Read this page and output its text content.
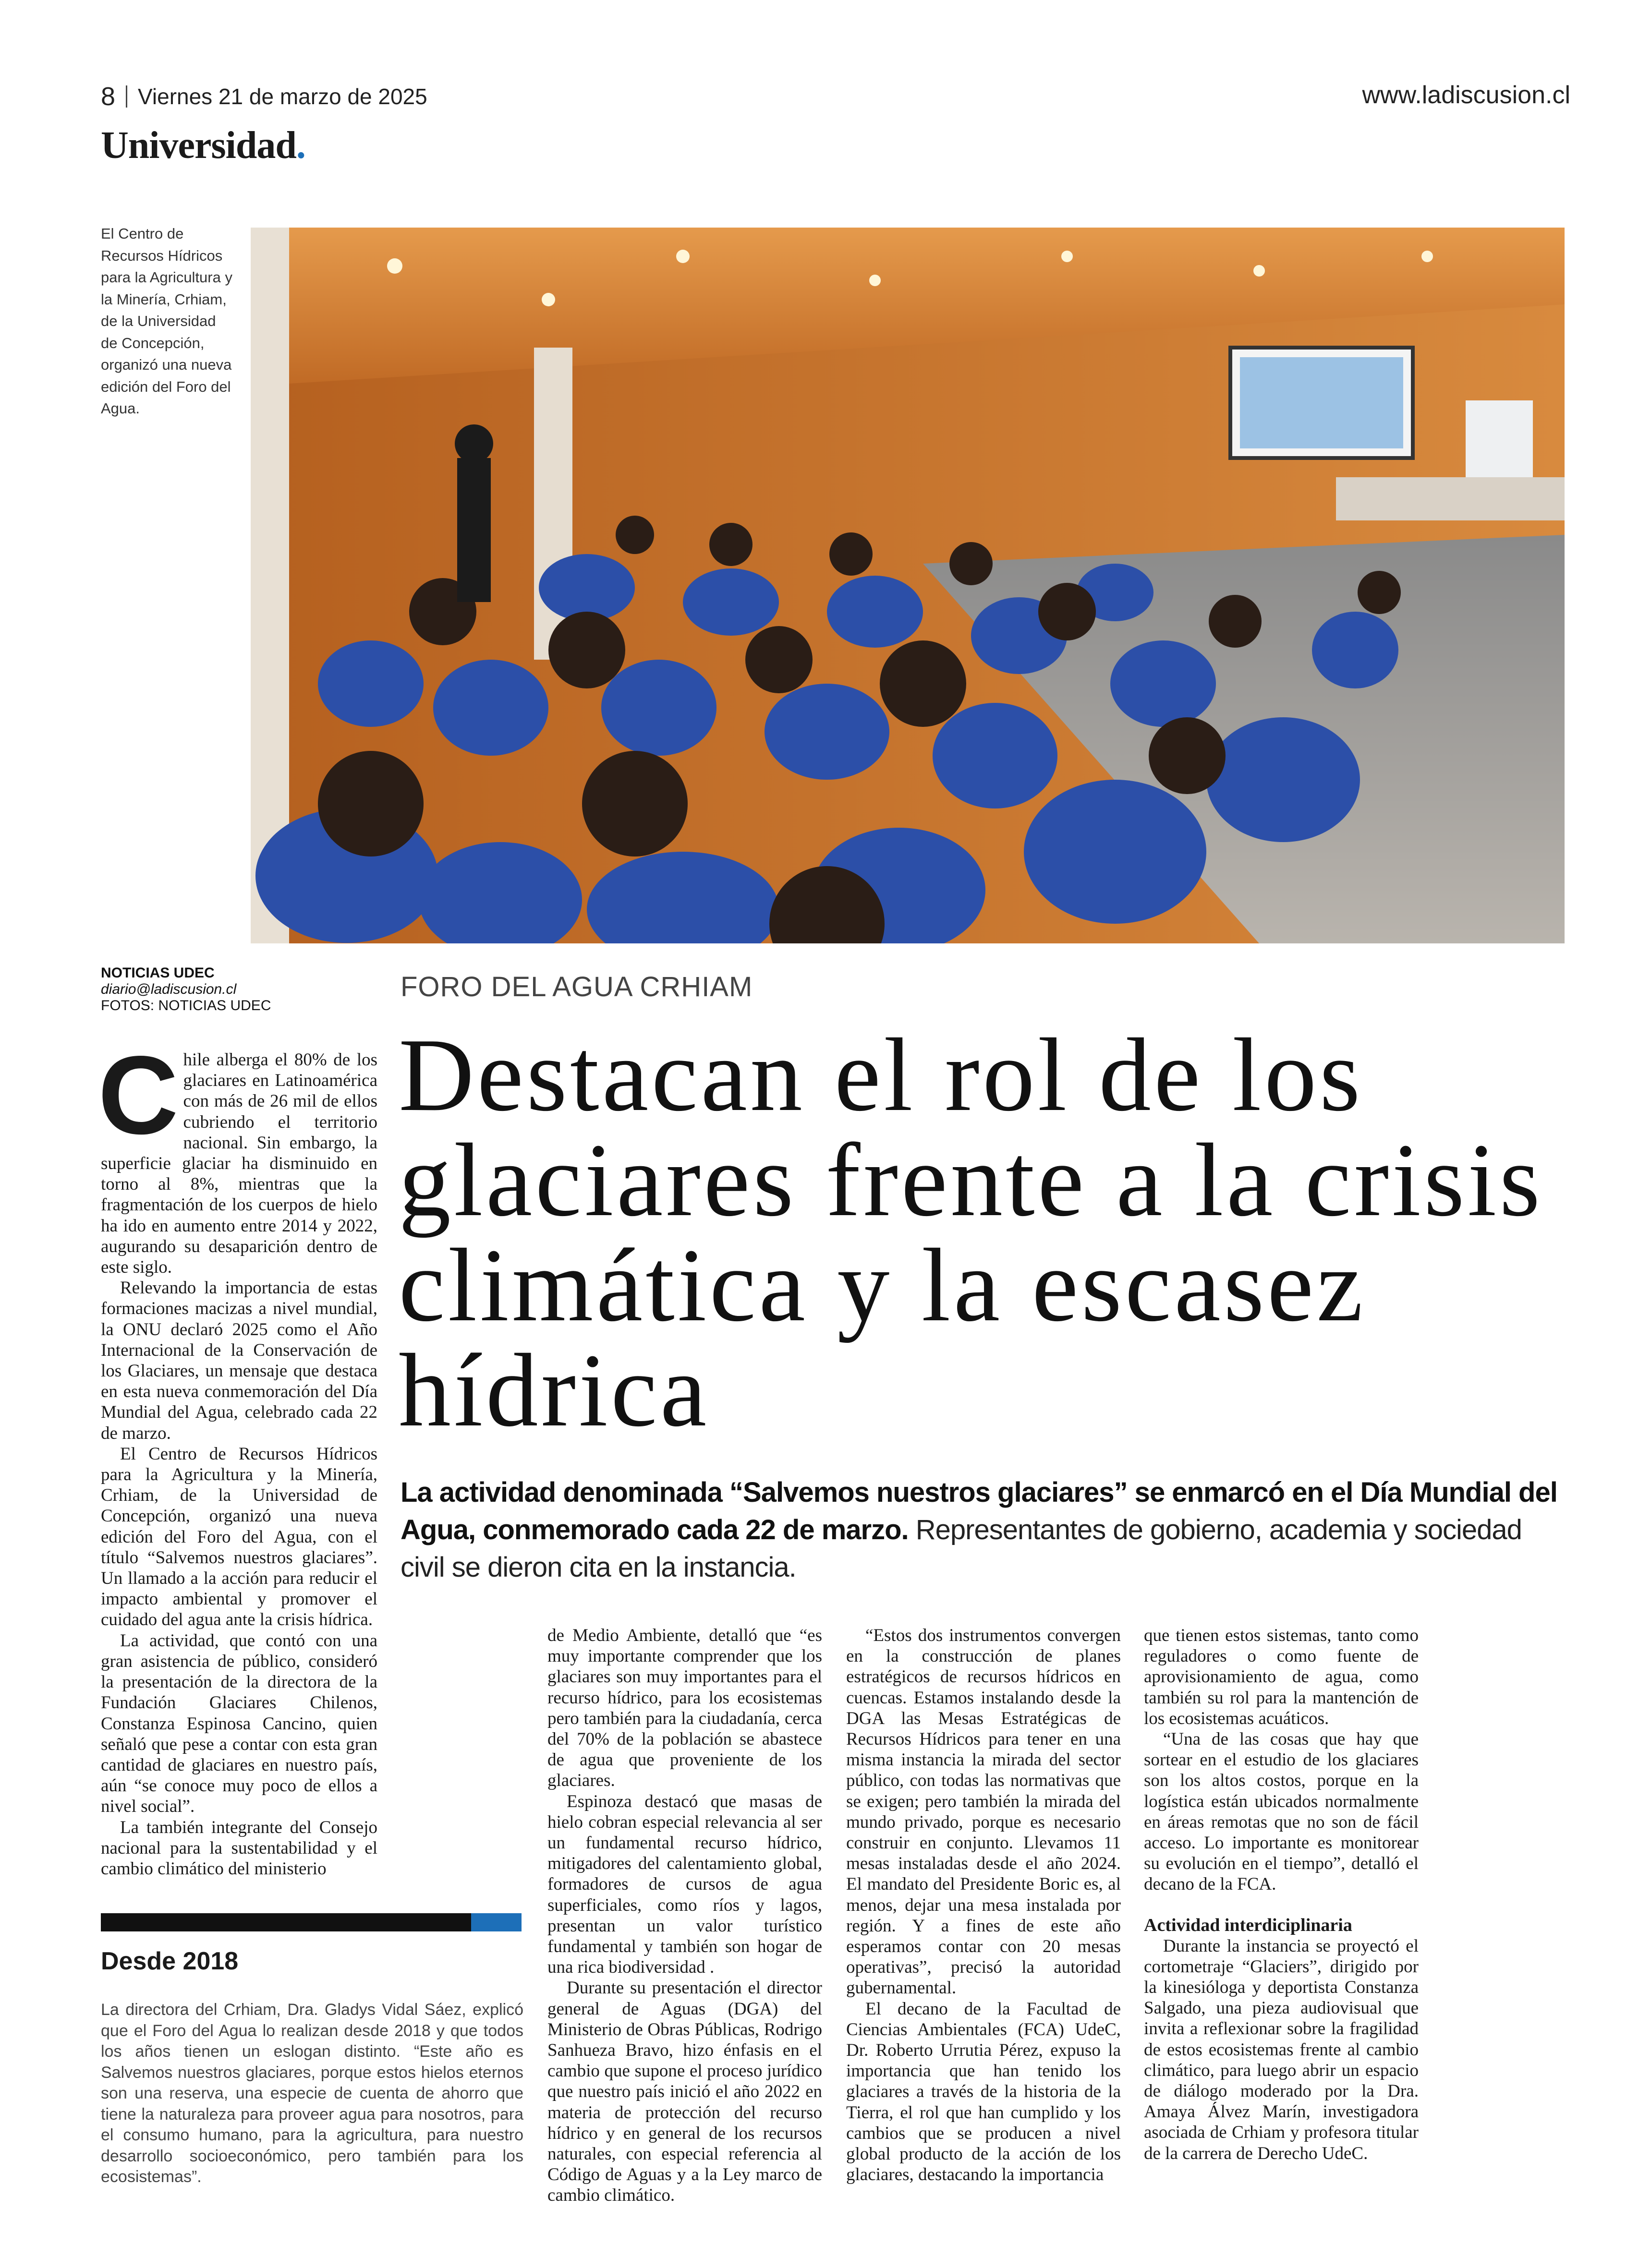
8 Viernes 21 de marzo de 2025	www.ladiscusion.cl
Universidad.
El Centro de Recursos Hídricos para la Agricultura y la Minería, Crhiam, de la Universidad de Concepción, organizó una nueva edición del Foro del Agua.
NOTICIAS UDEC
diario@ladiscusion.cl
FOTOS: NOTICIAS UDEC
FORO DEL AGUA CRHIAM
Destacan el rol de los glaciares frente a la crisis climática y la escasez hídrica
La actividad denominada “Salvemos nuestros glaciares” se enmarcó en el Día Mundial del Agua, conmemorado cada 22 de marzo. Representantes de gobierno, academia y sociedad civil se dieron cita en la instancia.
C hile alberga el 80% de los glaciares en Latinoamérica con más de 26 mil de ellos cubriendo el territorio nacional. Sin embargo, la superficie glaciar ha disminuido en torno al 8%, mientras que la fragmentación de los cuerpos de hielo ha ido en aumento entre 2014 y 2022, augurando su desaparición dentro de este siglo.

Relevando la importancia de estas formaciones macizas a nivel mundial, la ONU declaró 2025 como el Año Internacional de la Conservación de los Glaciares, un mensaje que destaca en esta nueva conmemoración del Día Mundial del Agua, celebrado cada 22 de marzo.

El Centro de Recursos Hídricos para la Agricultura y la Minería, Crhiam, de la Universidad de Concepción, organizó una nueva edición del Foro del Agua, con el título “Salvemos nuestros glaciares”. Un llamado a la acción para reducir el impacto ambiental y promover el cuidado del agua ante la crisis hídrica.

La actividad, que contó con una gran asistencia de público, consideró la presentación de la directora de la Fundación Glaciares Chilenos, Constanza Espinosa Cancino, quien señaló que pese a contar con esta gran cantidad de glaciares en nuestro país, aún “se conoce muy poco de ellos a nivel social”.

La también integrante del Consejo nacional para la sustentabilidad y el cambio climático del ministerio

de Medio Ambiente, detalló que “es muy importante comprender que los glaciares son muy importantes para el recurso hídrico, para los ecosistemas pero también para la ciudadanía, cerca del 70% de la población se abastece de agua que proveniente de los glaciares.

Espinoza destacó que masas de hielo cobran especial relevancia al ser un fundamental recurso hídrico, mitigadores del calentamiento global, formadores de cursos de agua superficiales, como ríos y lagos, presentan un valor turístico fundamental y también son hogar de una rica biodiversidad .

Durante su presentación el director general de Aguas (DGA) del Ministerio de Obras Públicas, Rodrigo Sanhueza Bravo, hizo énfasis en el cambio que supone el proceso jurídico que nuestro país inició el año 2022 en materia de protección del recurso hídrico y en general de los recursos naturales, con especial referencia al Código de Aguas y a la Ley marco de cambio climático.

“Estos dos instrumentos convergen en la construcción de planes estratégicos de recursos hídricos en cuencas. Estamos instalando desde la DGA las Mesas Estratégicas de Recursos Hídricos para tener en una misma instancia la mirada del sector público, con todas las normativas que se exigen; pero también la mirada del mundo privado, porque es necesario construir en conjunto. Llevamos 11 mesas instaladas desde el año 2024. El mandato del Presidente Boric es, al menos, dejar una mesa instalada por región. Y a fines de este año esperamos contar con 20 mesas operativas”, precisó la autoridad gubernamental.

El decano de la Facultad de Ciencias Ambientales (FCA) UdeC, Dr. Roberto Urrutia Pérez, expuso la importancia que han tenido los glaciares a través de la historia de la Tierra, el rol que han cumplido y los cambios que se producen a nivel global producto de la acción de los glaciares, destacando la importancia

que tienen estos sistemas, tanto como reguladores o como fuente de aprovisionamiento de agua, como también su rol para la mantención de los ecosistemas acuáticos.

“Una de las cosas que hay que sortear en el estudio de los glaciares son los altos costos, porque en la logística están ubicados normalmente en áreas remotas que no son de fácil acceso. Lo importante es monitorear su evolución en el tiempo”, detalló el decano de la FCA.

Actividad interdiciplinaria

Durante la instancia se proyectó el cortometraje “Glaciers”, dirigido por la kinesióloga y deportista Constanza Salgado, una pieza audiovisual que invita a reflexionar sobre la fragilidad de estos ecosistemas frente al cambio climático, para luego abrir un espacio de diálogo moderado por la Dra. Amaya Álvez Marín, investigadora asociada de Crhiam y profesora titular de la carrera de Derecho UdeC.

Desde 2018
La directora del Crhiam, Dra. Gladys Vidal Sáez, explicó que el Foro del Agua lo realizan desde 2018 y que todos los años tienen un eslogan distinto. “Este año es Salvemos nuestros glaciares, porque estos hielos eternos son una reserva, una especie de cuenta de ahorro que tiene la naturaleza para proveer agua para nosotros, para el consumo humano, para la agricultura, para nuestro desarrollo socioeconómico, pero también para los ecosistemas”.
